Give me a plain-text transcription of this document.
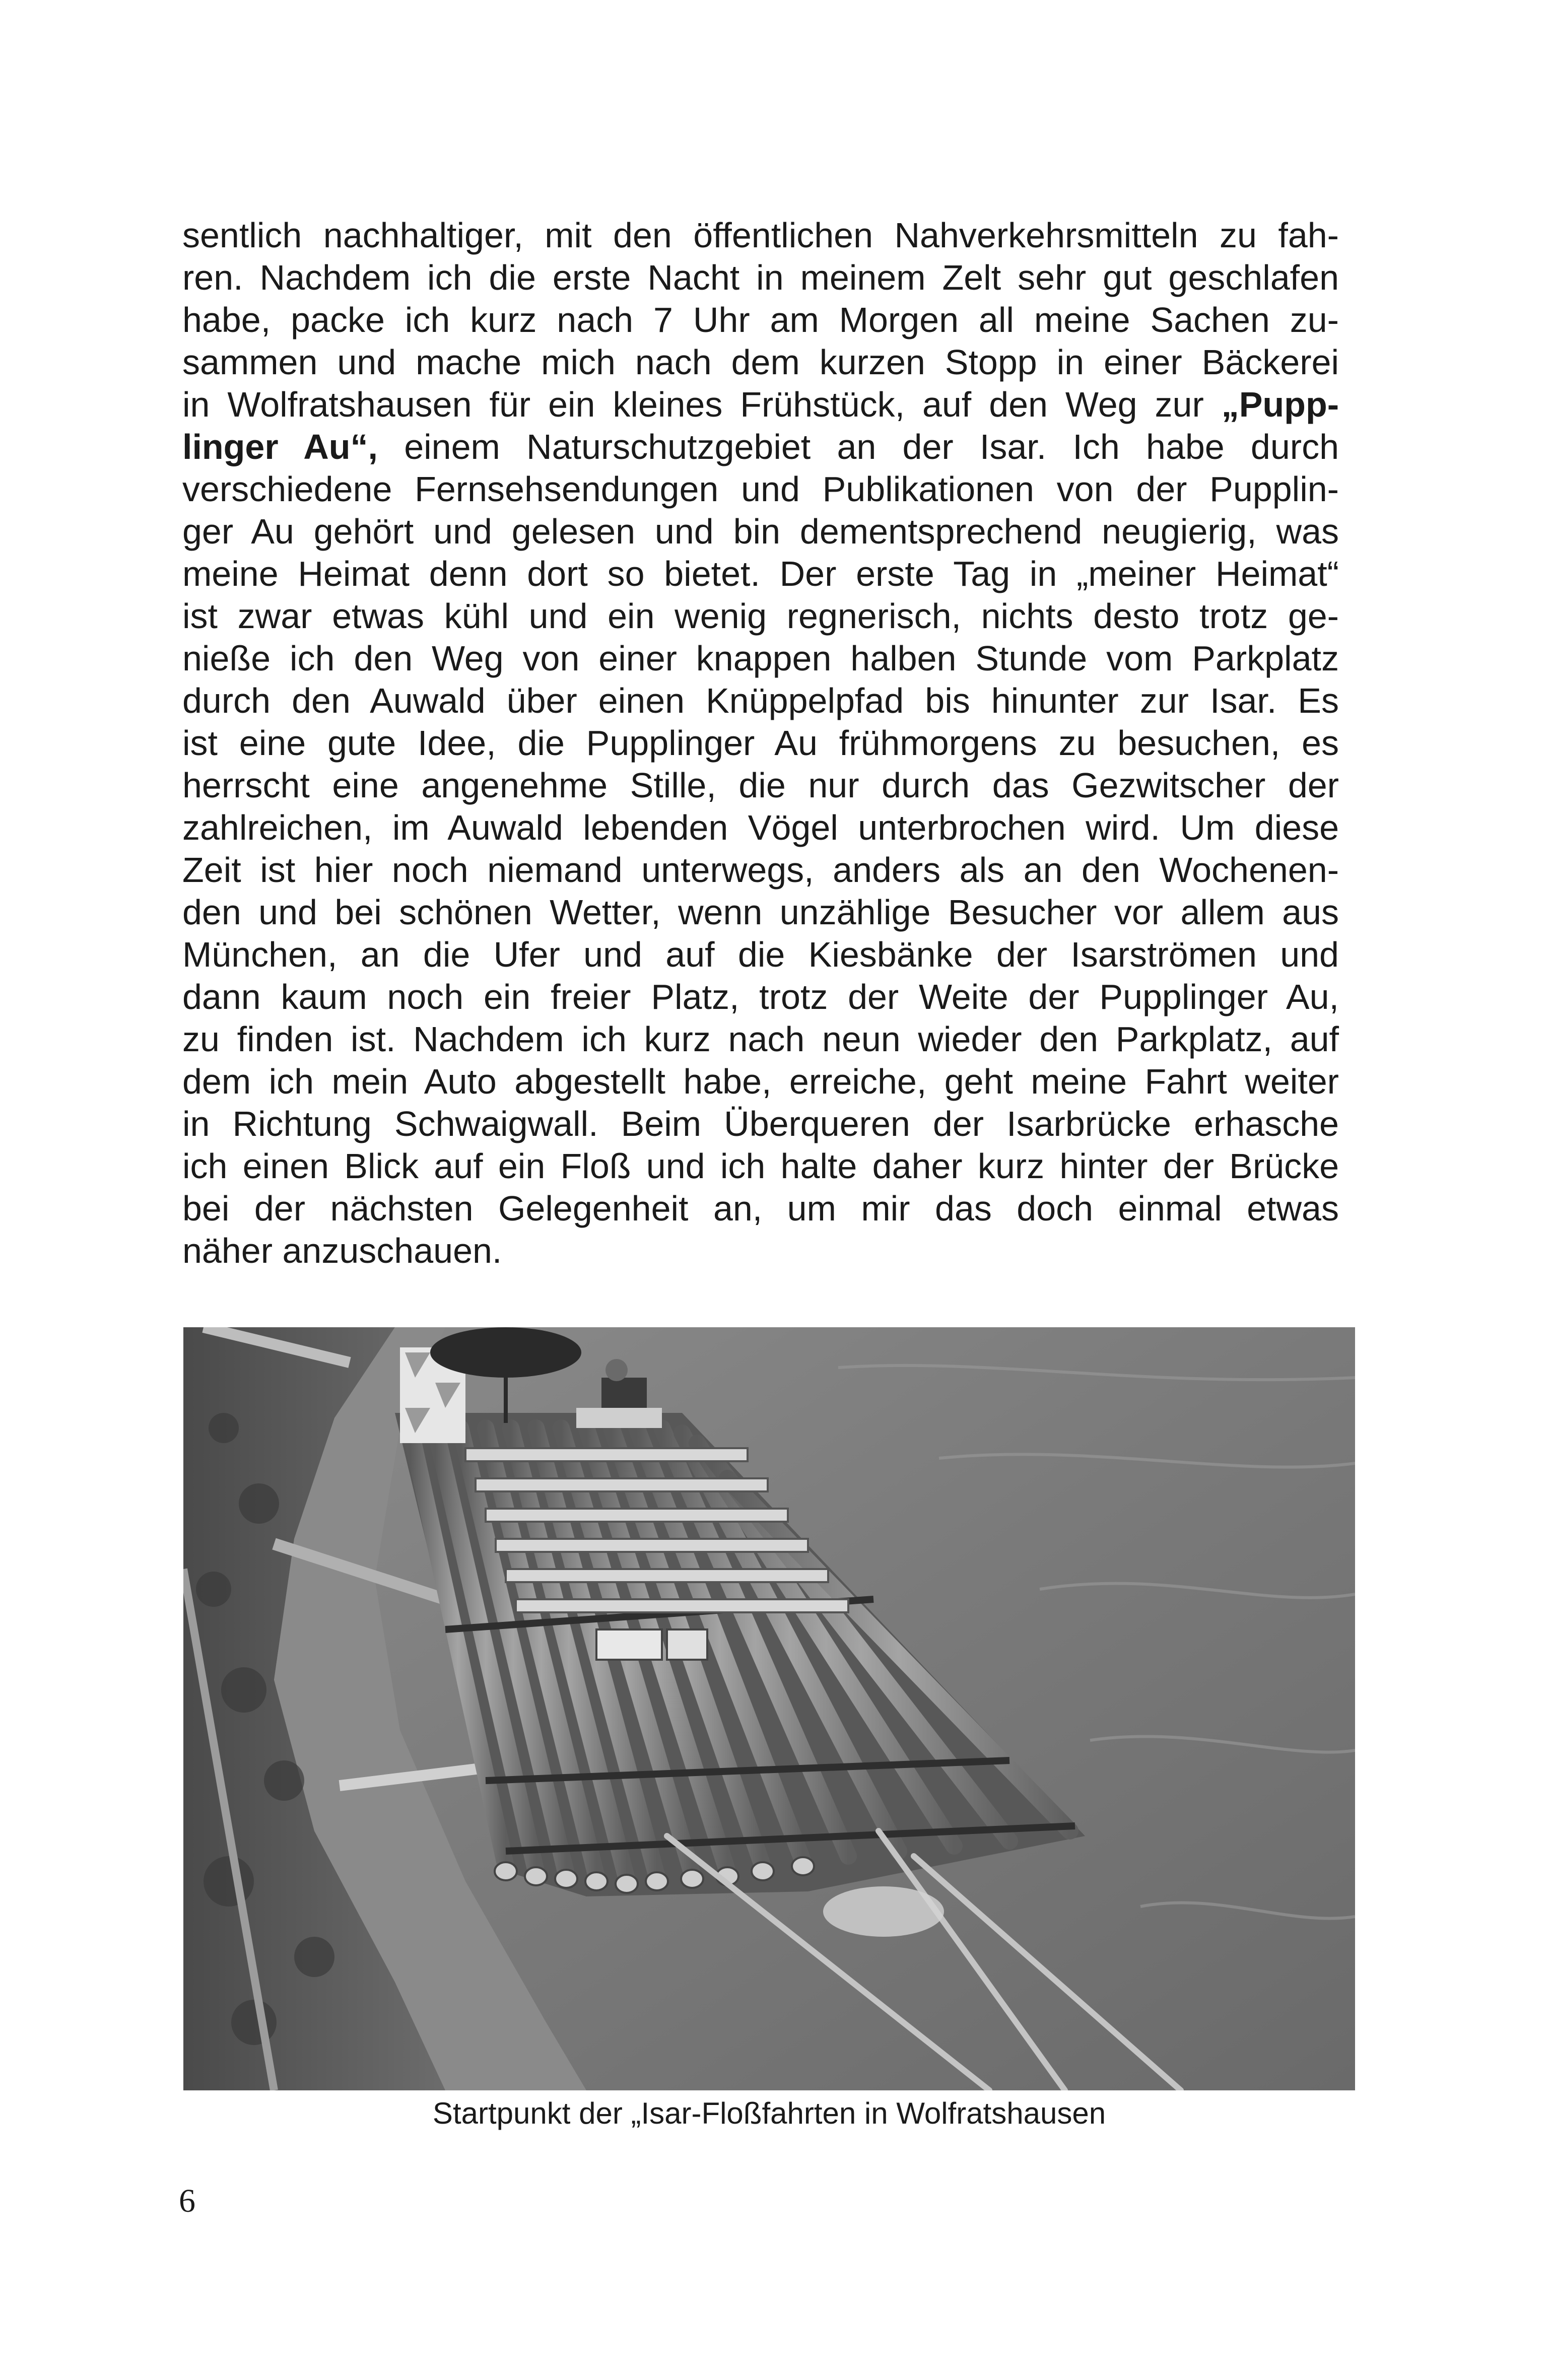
sentlich nachhaltiger, mit den öffentlichen Nahverkehrsmitteln zu fah-
ren. Nachdem ich die erste Nacht in meinem Zelt sehr gut geschlafen
habe, packe ich kurz nach 7 Uhr am Morgen all meine Sachen zu-
sammen und mache mich nach dem kurzen Stopp in einer Bäckerei
in Wolfratshausen für ein kleines Frühstück, auf den Weg zur „Pupp-
linger Au“, einem Naturschutzgebiet an der Isar. Ich habe durch
verschiedene Fernsehsendungen und Publikationen von der Pupplin-
ger Au gehört und gelesen und bin dementsprechend neugierig, was
meine Heimat denn dort so bietet. Der erste Tag in „meiner Heimat“
ist zwar etwas kühl und ein wenig regnerisch, nichts desto trotz ge-
nieße ich den Weg von einer knappen halben Stunde vom Parkplatz
durch den Auwald über einen Knüppelpfad bis hinunter zur Isar. Es
ist eine gute Idee, die Pupplinger Au frühmorgens zu besuchen, es
herrscht eine angenehme Stille, die nur durch das Gezwitscher der
zahlreichen, im Auwald lebenden Vögel unterbrochen wird. Um diese
Zeit ist hier noch niemand unterwegs, anders als an den Wochenen-
den und bei schönen Wetter, wenn unzählige Besucher vor allem aus
München, an die Ufer und auf die Kiesbänke der Isarströmen und
dann kaum noch ein freier Platz, trotz der Weite der Pupplinger Au,
zu finden ist. Nachdem ich kurz nach neun wieder den Parkplatz, auf
dem ich mein Auto abgestellt habe, erreiche, geht meine Fahrt weiter
in Richtung Schwaigwall. Beim Überqueren der Isarbrücke erhasche
ich einen Blick auf ein Floß und ich halte daher kurz hinter der Brücke
bei der nächsten Gelegenheit an, um mir das doch einmal etwas
näher anzuschauen.
Startpunkt der „Isar-Floßfahrten in Wolfratshausen
6
